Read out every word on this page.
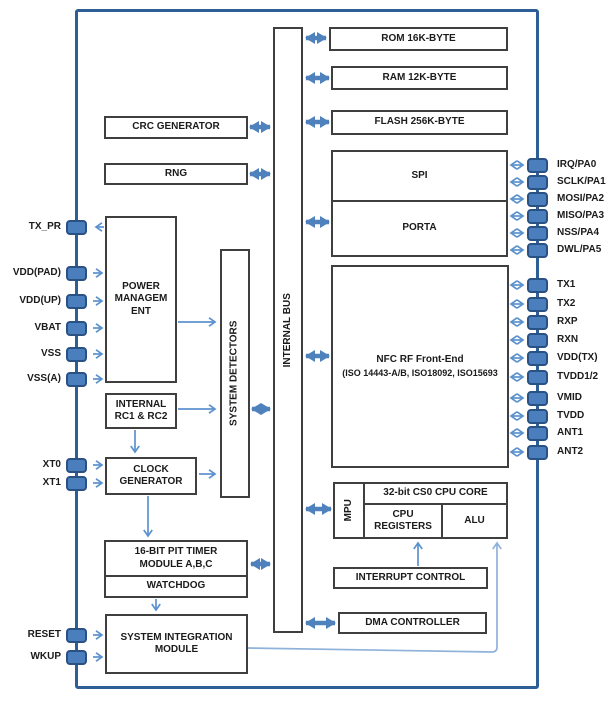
INTERNAL BUS
ROM 16K-BYTE
RAM 12K-BYTE
FLASH 256K-BYTE
SPI
PORTA
NFC RF Front-End
(ISO 14443-A/B, ISO18092, ISO15693
MPU
32-bit CS0 CPU CORE
CPU REGISTERS
ALU
INTERRUPT CONTROL
DMA CONTROLLER
CRC GENERATOR
RNG
POWER MANAGEM ENT
SYSTEM DETECTORS
INTERNAL RC1 & RC2
CLOCK GENERATOR
16-BIT PIT TIMER MODULE A,B,C
WATCHDOG
SYSTEM INTEGRATION MODULE
TX_PR
VDD(PAD)
VDD(UP)
VBAT
VSS
VSS(A)
XT0
XT1
RESET
WKUP
IRQ/PA0
SCLK/PA1
MOSI/PA2
MISO/PA3
NSS/PA4
DWL/PA5
TX1
TX2
RXP
RXN
VDD(TX)
TVDD1/2
VMID
TVDD
ANT1
ANT2
